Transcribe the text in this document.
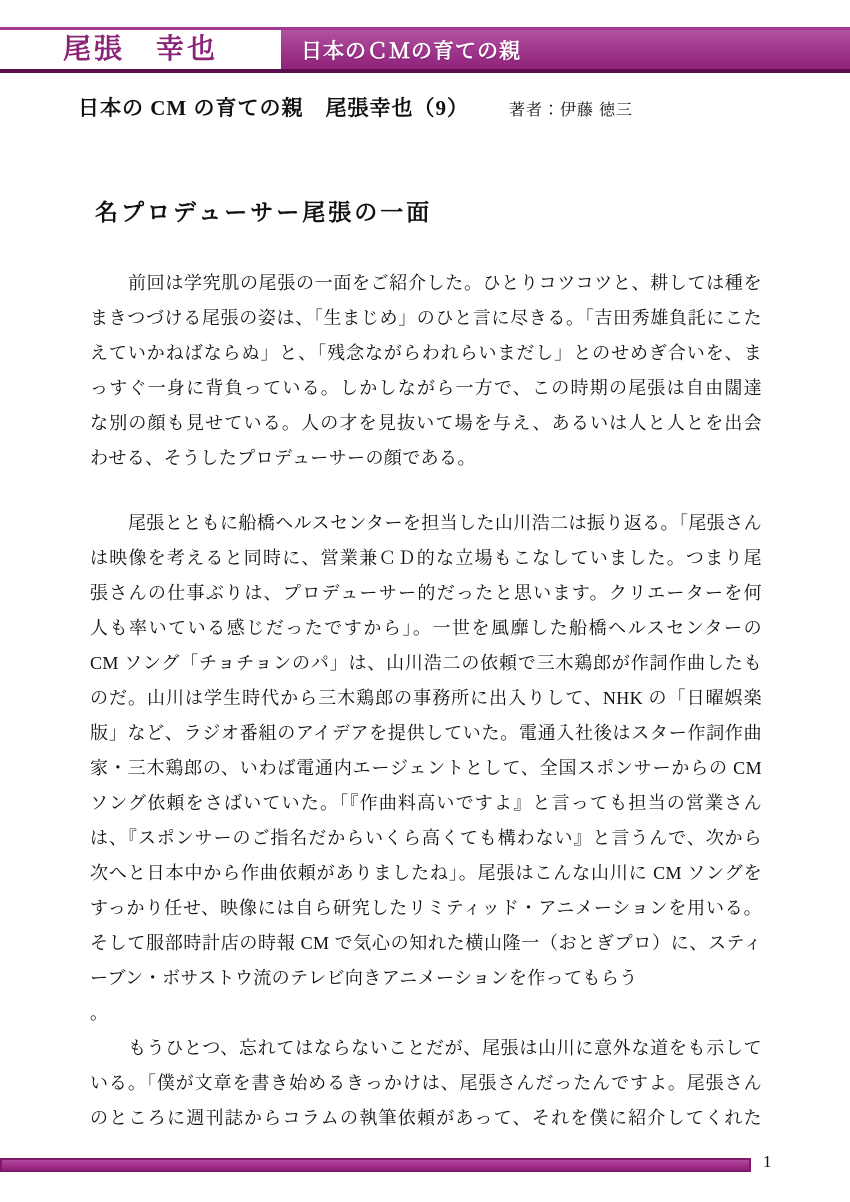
尾張　幸也	日本のＣＭの育ての親
日本の CM の育ての親　尾張幸也（9）	著者：伊藤 徳三
名プロデューサー尾張の一面
前回は学究肌の尾張の一面をご紹介した。ひとりコツコツと、耕しては種を
まきつづける尾張の姿は、「生まじめ」のひと言に尽きる。「吉田秀雄負託にこた
えていかねばならぬ」と、「残念ながらわれらいまだし」とのせめぎ合いを、ま
っすぐ一身に背負っている。しかしながら一方で、この時期の尾張は自由闊達
な別の顔も見せている。人の才を見抜いて場を与え、あるいは人と人とを出会
わせる、そうしたプロデューサーの顔である。
尾張とともに船橋ヘルスセンターを担当した山川浩二は振り返る。「尾張さん
は映像を考えると同時に、営業兼ＣＤ的な立場もこなしていました。つまり尾
張さんの仕事ぶりは、プロデューサー的だったと思います。クリエーターを何
人も率いている感じだったですから」。一世を風靡した船橋ヘルスセンターの
CM ソング「チョチョンのパ」は、山川浩二の依頼で三木鶏郎が作詞作曲したも
のだ。山川は学生時代から三木鶏郎の事務所に出入りして、NHK の「日曜娯楽
版」など、ラジオ番組のアイデアを提供していた。電通入社後はスター作詞作曲
家・三木鶏郎の、いわば電通内エージェントとして、全国スポンサーからの CM
ソング依頼をさばいていた。「『作曲料高いですよ』と言っても担当の営業さん
は、『スポンサーのご指名だからいくら高くても構わない』と言うんで、次から
次へと日本中から作曲依頼がありましたね」。尾張はこんな山川に CM ソングを
すっかり任せ、映像には自ら研究したリミティッド・アニメーションを用いる。
そして服部時計店の時報 CM で気心の知れた横山隆一（おとぎプロ）に、スティ
ーブン・ボサストウ流のテレビ向きアニメーションを作ってもらう
。
もうひとつ、忘れてはならないことだが、尾張は山川に意外な道をも示して
いる。「僕が文章を書き始めるきっかけは、尾張さんだったんですよ。尾張さん
のところに週刊誌からコラムの執筆依頼があって、それを僕に紹介してくれた
1
